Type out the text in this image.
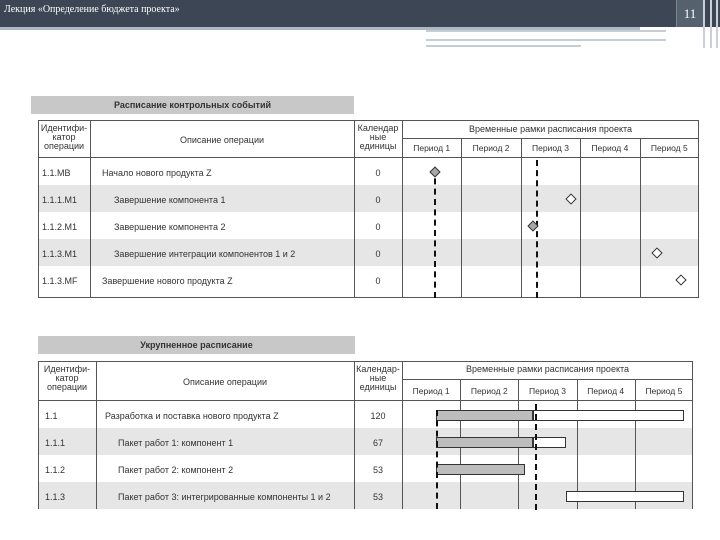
Лекция «Определение бюджета проекта»	11
Расписание контрольных событий
Идентифи-
катор
операции
Описание операции
Календар
ные
единицы
Временные рамки расписания проекта
Период 1	Период 2	Период 3	Период 4	Период 5
1.1.MB	Начало нового продукта Z	0
1.1.1.M1	Завершение компонента 1	0
1.1.2.M1	Завершение компонента 2	0
1.1.3.M1	Завершение интеграции компонентов 1 и 2	0
1.1.3.MF	Завершение нового продукта Z	0
Укрупненное расписание
Идентифи-
катор
операции	Описание операции
Календар-
ные
единицы
Временные рамки расписания проекта
Период 1	Период 2	Период 3	Период 4	Период 5
1.1	Разработка и поставка нового продукта Z	120
1.1.1	Пакет работ 1: компонент 1	67
1.1.2	Пакет работ 2: компонент 2	53
1.1.3	Пакет работ 3: интегрированные компоненты 1 и 2	53
